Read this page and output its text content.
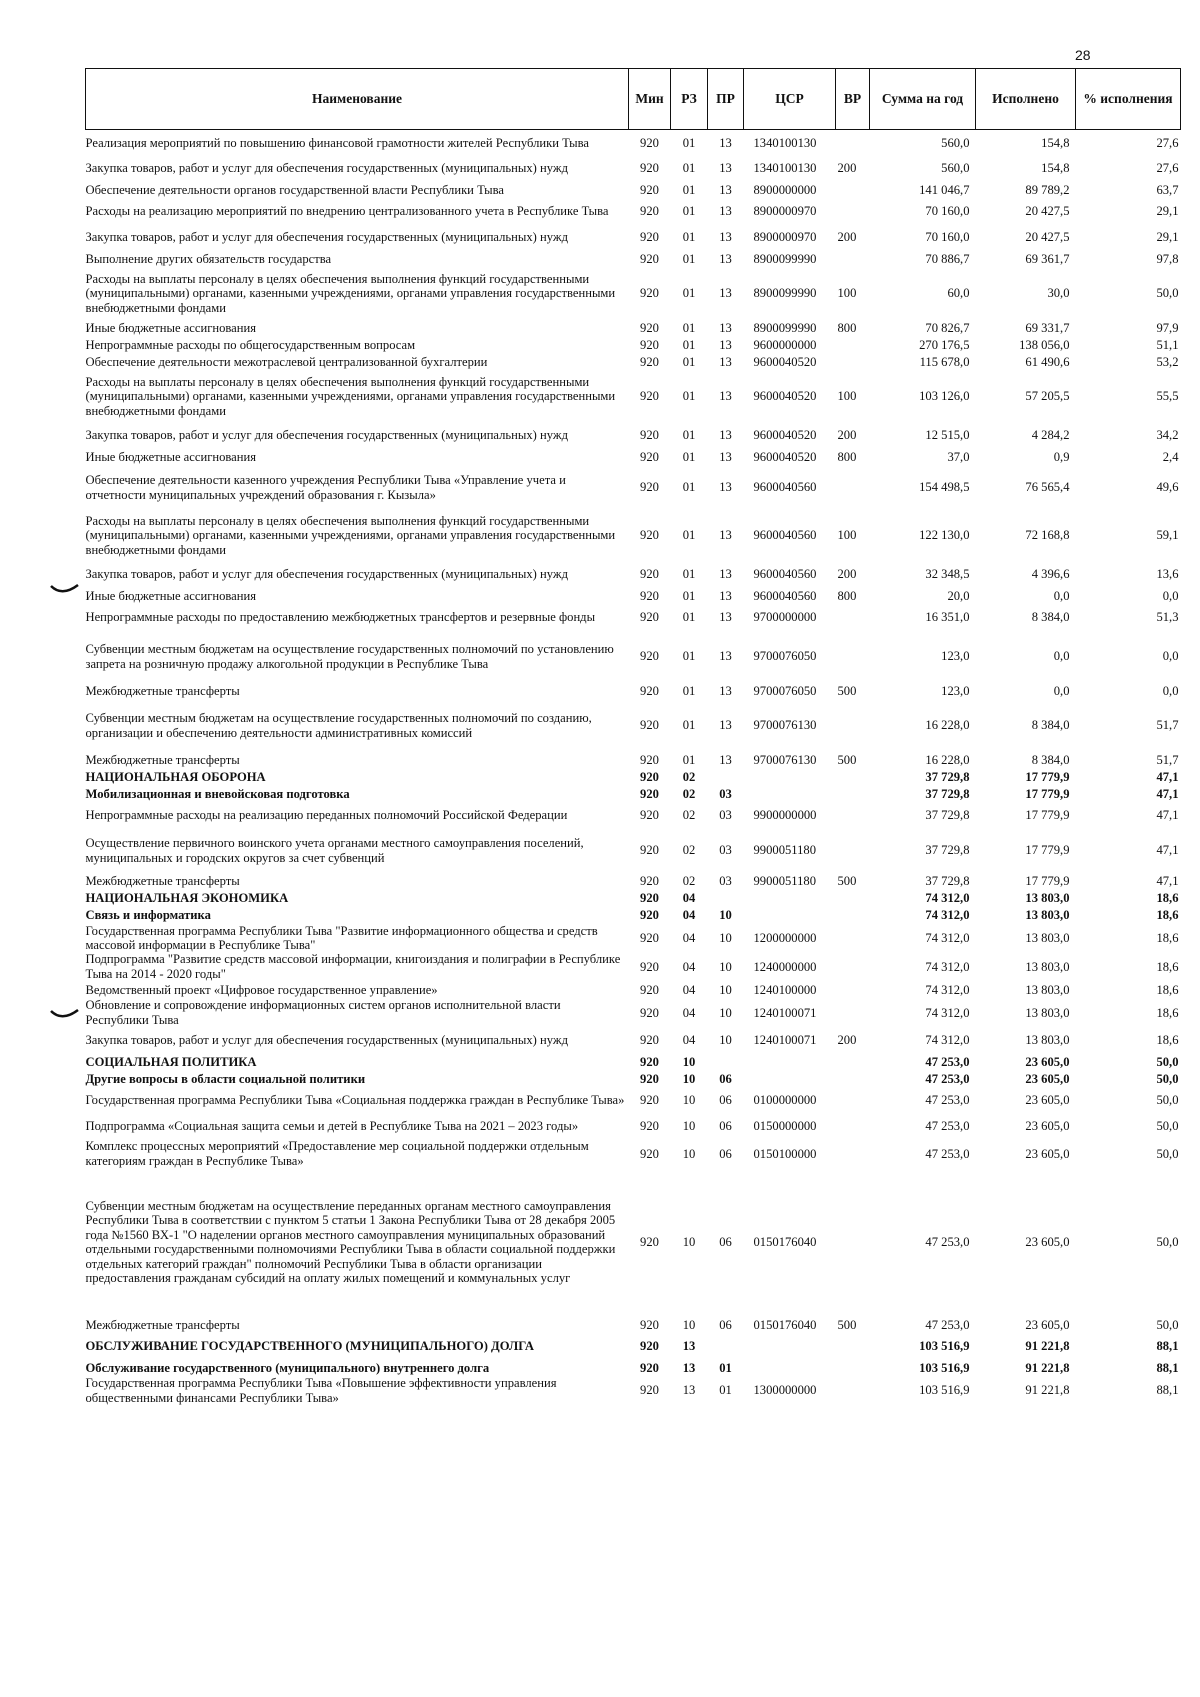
28
Наименование	Мин	РЗ	ПР	ЦСР	ВР	Сумма на год	Исполнено	% исполнения
Реализация мероприятий по повышению финансовой грамотности жителей Республики Тыва	920	01	13	1340100130		560,0	154,8	27,6
Закупка товаров, работ и услуг для обеспечения государственных (муниципальных) нужд	920	01	13	1340100130	200	560,0	154,8	27,6
Обеспечение деятельности органов государственной власти Республики Тыва	920	01	13	8900000000		141 046,7	89 789,2	63,7
Расходы на реализацию мероприятий по внедрению централизованного учета в Республике Тыва	920	01	13	8900000970		70 160,0	20 427,5	29,1
Закупка товаров, работ и услуг для обеспечения государственных (муниципальных) нужд	920	01	13	8900000970	200	70 160,0	20 427,5	29,1
Выполнение других обязательств государства	920	01	13	8900099990		70 886,7	69 361,7	97,8
Расходы на выплаты персоналу в целях обеспечения выполнения функций государственными (муниципальными) органами, казенными учреждениями, органами управления государственными внебюджетными фондами	920	01	13	8900099990	100	60,0	30,0	50,0
Иные бюджетные ассигнования	920	01	13	8900099990	800	70 826,7	69 331,7	97,9
Непрограммные расходы по общегосударственным вопросам	920	01	13	9600000000		270 176,5	138 056,0	51,1
Обеспечение деятельности межотраслевой централизованной бухгалтерии	920	01	13	9600040520		115 678,0	61 490,6	53,2
Расходы на выплаты персоналу в целях обеспечения выполнения функций государственными (муниципальными) органами, казенными учреждениями, органами управления государственными внебюджетными фондами	920	01	13	9600040520	100	103 126,0	57 205,5	55,5
Закупка товаров, работ и услуг для обеспечения государственных (муниципальных) нужд	920	01	13	9600040520	200	12 515,0	4 284,2	34,2
Иные бюджетные ассигнования	920	01	13	9600040520	800	37,0	0,9	2,4
Обеспечение деятельности казенного учреждения Республики Тыва «Управление учета и отчетности муниципальных учреждений образования г. Кызыла»	920	01	13	9600040560		154 498,5	76 565,4	49,6
Расходы на выплаты персоналу в целях обеспечения выполнения функций государственными (муниципальными) органами, казенными учреждениями, органами управления государственными внебюджетными фондами	920	01	13	9600040560	100	122 130,0	72 168,8	59,1
Закупка товаров, работ и услуг для обеспечения государственных (муниципальных) нужд	920	01	13	9600040560	200	32 348,5	4 396,6	13,6
Иные бюджетные ассигнования	920	01	13	9600040560	800	20,0	0,0	0,0
Непрограммные расходы по предоставлению межбюджетных трансфертов и резервные фонды	920	01	13	9700000000		16 351,0	8 384,0	51,3
Субвенции местным бюджетам на осуществление государственных полномочий по установлению запрета на розничную продажу алкогольной продукции в Республике Тыва	920	01	13	9700076050		123,0	0,0	0,0
Межбюджетные трансферты	920	01	13	9700076050	500	123,0	0,0	0,0
Субвенции местным бюджетам на осуществление государственных полномочий по созданию, организации и обеспечению деятельности административных комиссий	920	01	13	9700076130		16 228,0	8 384,0	51,7
Межбюджетные трансферты	920	01	13	9700076130	500	16 228,0	8 384,0	51,7
НАЦИОНАЛЬНАЯ ОБОРОНА	920	02				37 729,8	17 779,9	47,1
Мобилизационная и вневойсковая подготовка	920	02	03			37 729,8	17 779,9	47,1
Непрограммные расходы на реализацию переданных полномочий Российской Федерации	920	02	03	9900000000		37 729,8	17 779,9	47,1
Осуществление первичного воинского учета органами местного самоуправления поселений, муниципальных и городских округов за счет субвенций	920	02	03	9900051180		37 729,8	17 779,9	47,1
Межбюджетные трансферты	920	02	03	9900051180	500	37 729,8	17 779,9	47,1
НАЦИОНАЛЬНАЯ ЭКОНОМИКА	920	04				74 312,0	13 803,0	18,6
Связь и информатика	920	04	10			74 312,0	13 803,0	18,6
Государственная программа Республики Тыва "Развитие информационного общества и средств массовой информации в Республике Тыва"	920	04	10	1200000000		74 312,0	13 803,0	18,6
Подпрограмма "Развитие средств массовой информации, книгоиздания и полиграфии в Республике Тыва на 2014 - 2020 годы"	920	04	10	1240000000		74 312,0	13 803,0	18,6
Ведомственный проект «Цифровое государственное управление»	920	04	10	1240100000		74 312,0	13 803,0	18,6
Обновление и сопровождение информационных систем органов исполнительной власти Республики Тыва	920	04	10	1240100071		74 312,0	13 803,0	18,6
Закупка товаров, работ и услуг для обеспечения государственных (муниципальных) нужд	920	04	10	1240100071	200	74 312,0	13 803,0	18,6
СОЦИАЛЬНАЯ ПОЛИТИКА	920	10				47 253,0	23 605,0	50,0
Другие вопросы в области социальной политики	920	10	06			47 253,0	23 605,0	50,0
Государственная программа Республики Тыва «Социальная поддержка граждан в Республике Тыва»	920	10	06	0100000000		47 253,0	23 605,0	50,0
Подпрограмма «Социальная защита семьи и детей в Республике Тыва на 2021 – 2023 годы»	920	10	06	0150000000		47 253,0	23 605,0	50,0
Комплекс процессных мероприятий «Предоставление мер социальной поддержки отдельным категориям граждан в Республике Тыва»	920	10	06	0150100000		47 253,0	23 605,0	50,0
Субвенции местным бюджетам на осуществление переданных органам местного самоуправления Республики Тыва в соответствии с пунктом 5 статьи 1 Закона Республики Тыва от 28 декабря 2005 года №1560 ВХ-1 "О наделении органов местного самоуправления муниципальных образований отдельными государственными полномочиями Республики Тыва в области социальной поддержки отдельных категорий граждан" полномочий Республики Тыва в области организации предоставления гражданам субсидий на оплату жилых помещений и коммунальных услуг	920	10	06	0150176040		47 253,0	23 605,0	50,0
Межбюджетные трансферты	920	10	06	0150176040	500	47 253,0	23 605,0	50,0
ОБСЛУЖИВАНИЕ ГОСУДАРСТВЕННОГО (МУНИЦИПАЛЬНОГО) ДОЛГА	920	13				103 516,9	91 221,8	88,1
Обслуживание государственного (муниципального) внутреннего долга	920	13	01			103 516,9	91 221,8	88,1
Государственная программа Республики Тыва «Повышение эффективности управления общественными финансами Республики Тыва»	920	13	01	1300000000		103 516,9	91 221,8	88,1
